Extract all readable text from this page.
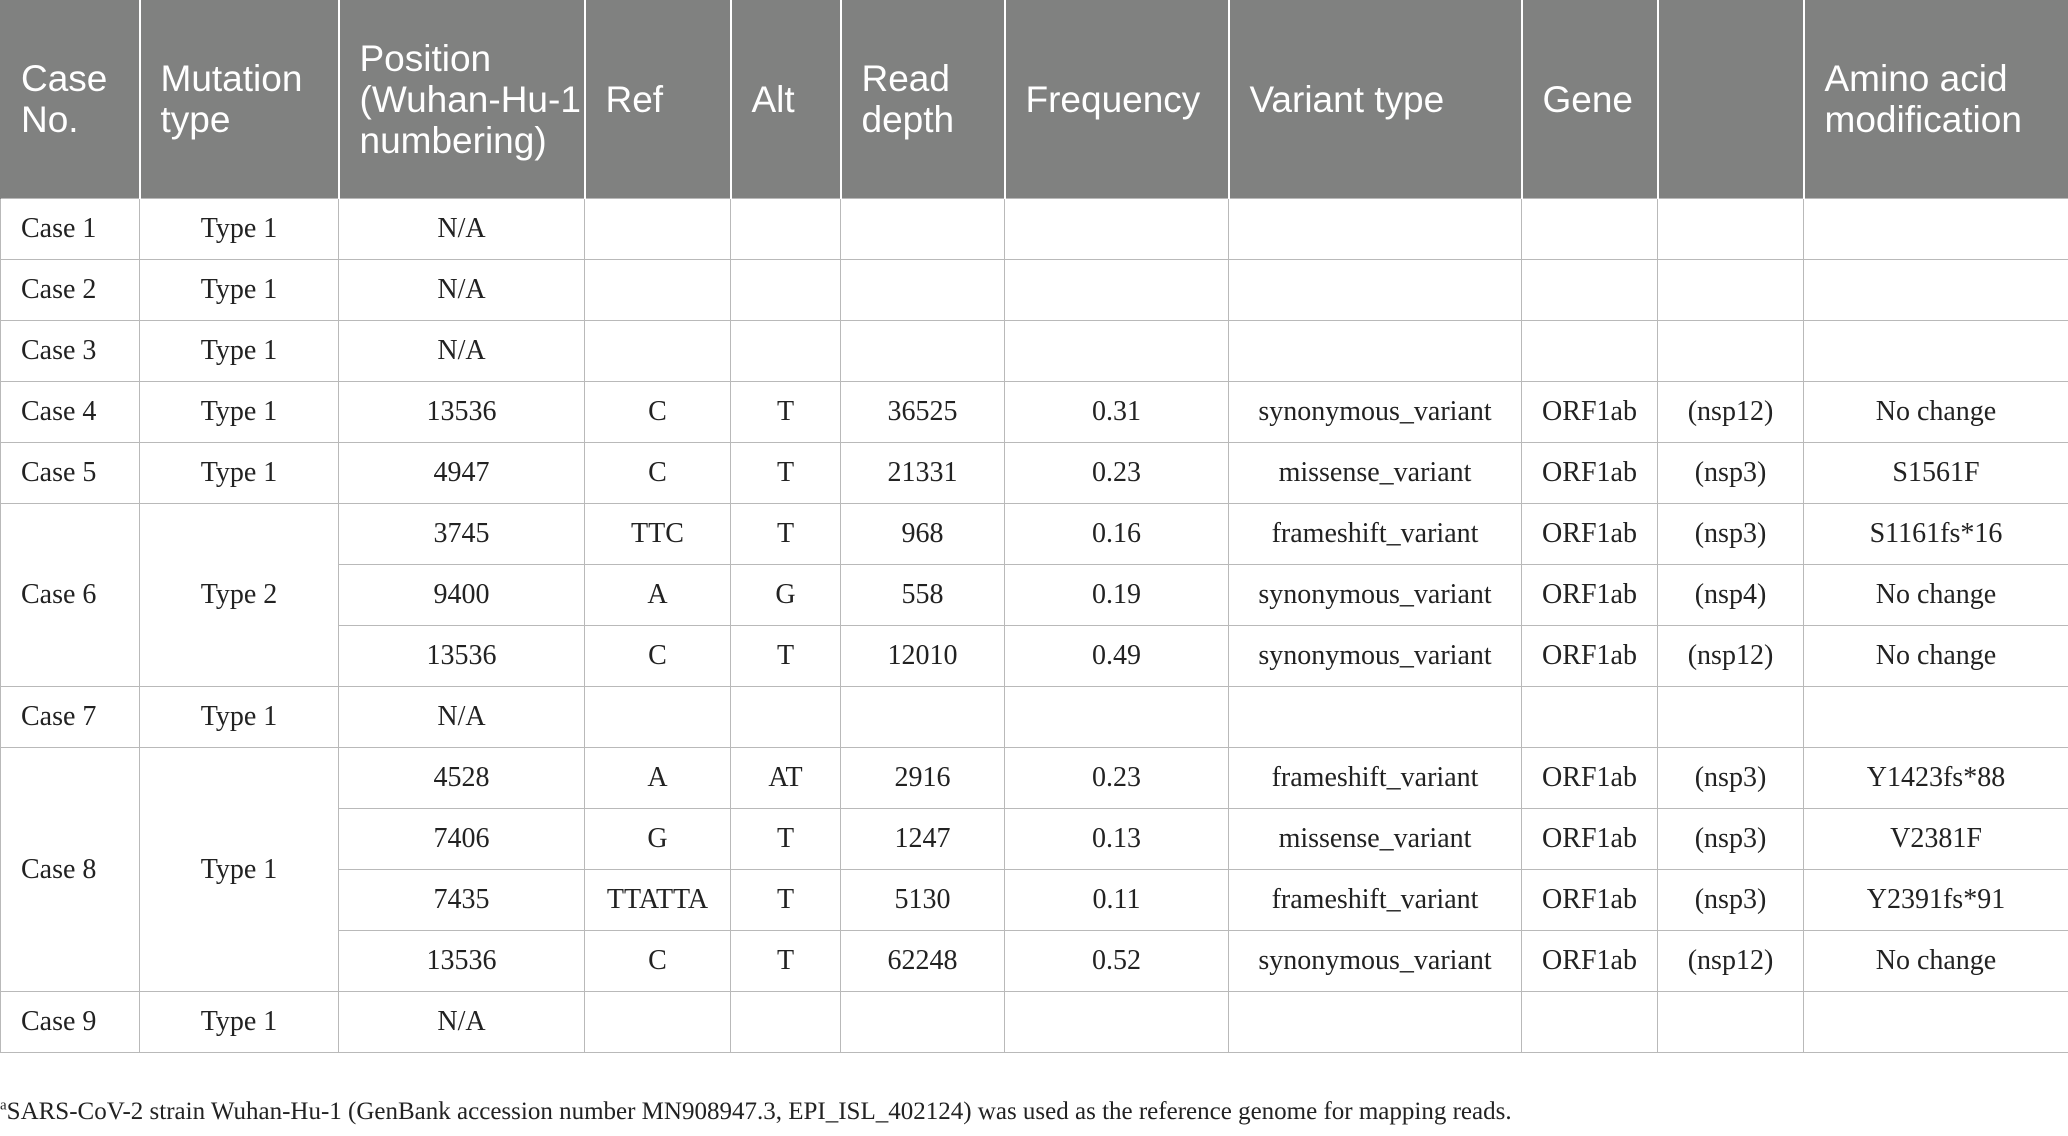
Case No.	Mutation type	Position (Wuhan-Hu-1 numbering)	Ref	Alt	Read depth	Frequency	Variant type	Gene		Amino acid modification
Case 1	Type 1	N/A								
Case 2	Type 1	N/A								
Case 3	Type 1	N/A								
Case 4	Type 1	13536	C	T	36525	0.31	synonymous_variant	ORF1ab	(nsp12)	No change
Case 5	Type 1	4947	C	T	21331	0.23	missense_variant	ORF1ab	(nsp3)	S1561F
Case 6	Type 2	3745	TTC	T	968	0.16	frameshift_variant	ORF1ab	(nsp3)	S1161fs*16
		9400	A	G	558	0.19	synonymous_variant	ORF1ab	(nsp4)	No change
		13536	C	T	12010	0.49	synonymous_variant	ORF1ab	(nsp12)	No change
Case 7	Type 1	N/A								
Case 8	Type 1	4528	A	AT	2916	0.23	frameshift_variant	ORF1ab	(nsp3)	Y1423fs*88
		7406	G	T	1247	0.13	missense_variant	ORF1ab	(nsp3)	V2381F
		7435	TTATTA	T	5130	0.11	frameshift_variant	ORF1ab	(nsp3)	Y2391fs*91
		13536	C	T	62248	0.52	synonymous_variant	ORF1ab	(nsp12)	No change
Case 9	Type 1	N/A								
$^a$SARS-CoV-2 strain Wuhan-Hu-1 (GenBank accession number MN908947.3, EPI_ISL_402124) was used as the reference genome for mapping reads.
